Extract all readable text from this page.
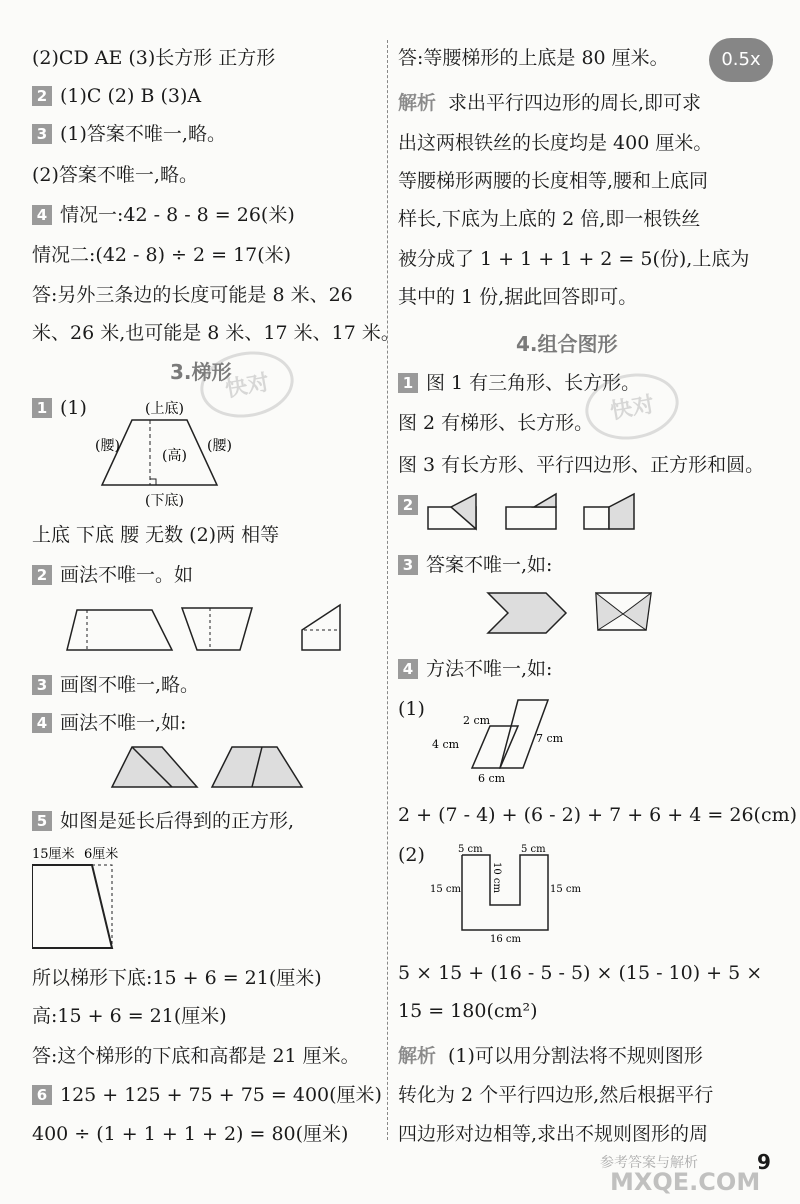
0.5x
(2)CD AE (3)长方形 正方形
2 (1)C (2) B (3)A
3 (1)答案不唯一,略。
(2)答案不唯一,略。
4 情况一:42 - 8 - 8 = 26(米)
情况二:(42 - 8) ÷ 2 = 17(米)
答:另外三条边的长度可能是 8 米、26
米、26 米,也可能是 8 米、17 米、17 米。
3.梯形
1 (1)	(上底)
(腰)
(高)
(腰)
(下底)
上底 下底 腰 无数 (2)两 相等
2 画法不唯一。如
3 画图不唯一,略。
4 画法不唯一,如:
5 如图是延长后得到的正方形,
15厘米 6厘米
所以梯形下底:15 + 6 = 21(厘米)
高:15 + 6 = 21(厘米)
答:这个梯形的下底和高都是 21 厘米。
6 125 + 125 + 75 + 75 = 400(厘米)
400 ÷ (1 + 1 + 1 + 2) = 80(厘米)
答:等腰梯形的上底是 80 厘米。
解析 求出平行四边形的周长,即可求
出这两根铁丝的长度均是 400 厘米。
等腰梯形两腰的长度相等,腰和上底同
样长,下底为上底的 2 倍,即一根铁丝
被分成了 1 + 1 + 1 + 2 = 5(份),上底为
其中的 1 份,据此回答即可。
4.组合图形
1 图 1 有三角形、长方形。
图 2 有梯形、长方形。
图 3 有长方形、平行四边形、正方形和圆。
2
3 答案不唯一,如:
4 方法不唯一,如:
(1)
2 cm
4 cm	7 cm
6 cm
2 + (7 - 4) + (6 - 2) + 7 + 6 + 4 = 26(cm)
(2)	5 cm	5 cm
15 cm	10 cm	15 cm
16 cm
5 × 15 + (16 - 5 - 5) × (15 - 10) + 5 ×
15 = 180(cm²)
解析 (1)可以用分割法将不规则图形
转化为 2 个平行四边形,然后根据平行
四边形对边相等,求出不规则图形的周
快对
快对
参考答案与解析	9
MXQE.COM
